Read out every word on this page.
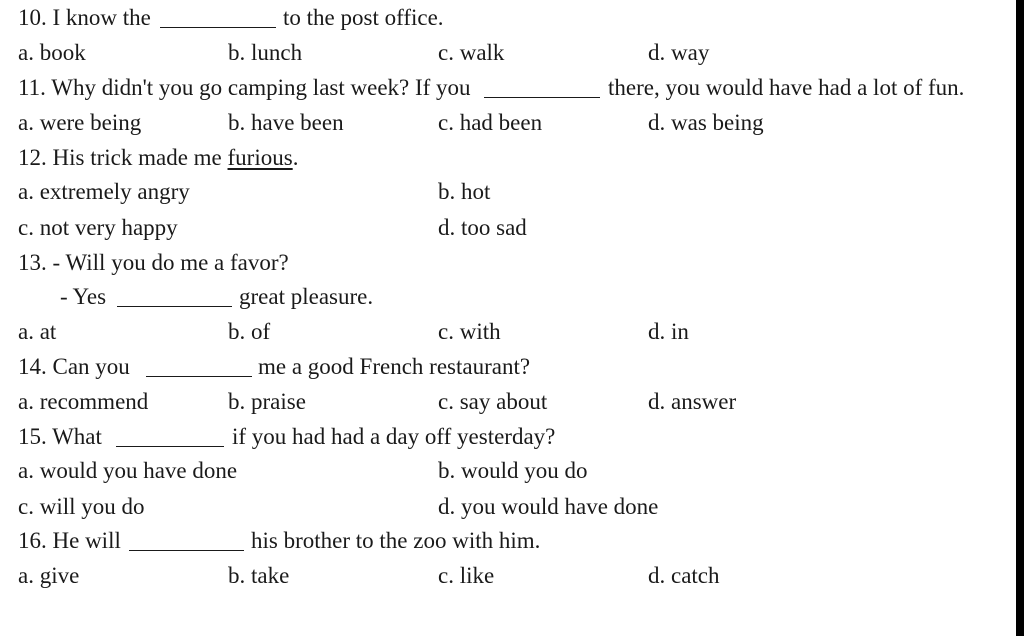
10. I know the	to the post office.
a. book	b. lunch	c. walk	d. way
11. Why didn't you go camping last week? If you	there, you would have had a lot of fun.
a. were being	b. have been	c. had been	d. was being
12. His trick made me furious.
a. extremely angry	b. hot
c. not very happy	d. too sad
13. - Will you do me a favor?
- Yes	great pleasure.
a. at	b. of	c. with	d. in
14. Can you	me a good French restaurant?
a. recommend	b. praise	c. say about	d. answer
15. What	if you had had a day off yesterday?
a. would you have done	b. would you do
c. will you do	d. you would have done
16. He will	his brother to the zoo with him.
a. give	b. take	c. like	d. catch
